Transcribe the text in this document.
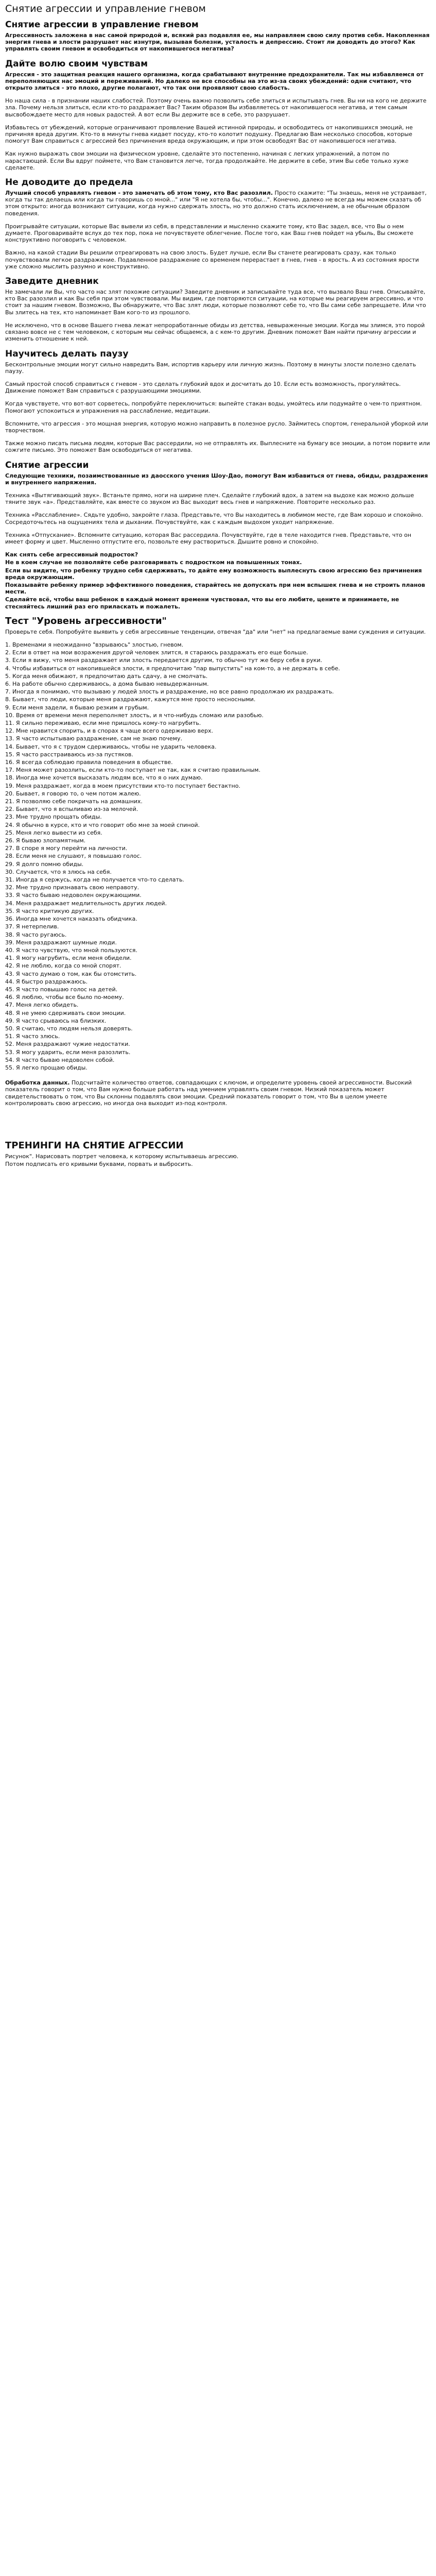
Снятие агрессии и управление гневом
Снятие агрессии в управление гневом

Агрессивность заложена в нас самой природой и, всякий раз подавляя ее, мы направляем свою силу против себя. Накопленная энергия гнева и злости разрушает нас изнутри, вызывая болезни, усталость и депрессию. Стоит ли доводить до этого? Как управлять своим гневом и освободиться от накопившегося негатива?

Дайте волю своим чувствам

Агрессия - это защитная реакция нашего организма, когда срабатывают внутренние предохранители. Так мы избавляемся от переполняющих нас эмоций и переживаний. Но далеко не все способны на это из-за своих убеждений: одни считают, что открыто злиться - это плохо, другие полагают, что так они проявляют свою слабость.

Но наша сила - в признании наших слабостей. Поэтому очень важно позволить себе злиться и испытывать гнев. Вы ни на кого не держите зла. Почему нельзя злиться, если кто-то раздражает Вас? Таким образом Вы избавляетесь от накопившегося негатива, и тем самым высвобождаете место для новых радостей. А вот если Вы держите все в себе, это разрушает.

Избавьтесь от убеждений, которые ограничивают проявление Вашей истинной природы, и освободитесь от накопившихся эмоций, не причиняя вреда другим. Кто-то в минуты гнева кидает посуду, кто-то колотит подушку. Предлагаю Вам несколько способов, которые помогут Вам справиться с агрессией без причинения вреда окружающим, и при этом освободят Вас от накопившегося негатива.

Как нужно выражать свои эмоции на физическом уровне, сделайте это постепенно, начиная с легких упражнений, а потом по нарастающей. Если Вы вдруг поймете, что Вам становится легче, тогда продолжайте. Не держите в себе, этим Вы себе только хуже сделаете.

Не доводите до предела

Лучший способ управлять гневом - это замечать об этом тому, кто Вас разозлил. Просто скажите: "Ты знаешь, меня не устраивает, когда ты так делаешь или когда ты говоришь со мной..." или "Я не хотела бы, чтобы...". Конечно, далеко не всегда мы можем сказать об этом открыто: иногда возникают ситуации, когда нужно сдержать злость, но это должно стать исключением, а не обычным образом поведения.

Проигрывайте ситуации, которые Вас вывели из себя, в представлении и мысленно скажите тому, кто Вас задел, все, что Вы о нем думаете. Проговаривайте вслух до тех пор, пока не почувствуете облегчение. После того, как Ваш гнев пойдет на убыль, Вы сможете конструктивно поговорить с человеком.

Важно, на какой стадии Вы решили отреагировать на свою злость. Будет лучше, если Вы станете реагировать сразу, как только почувствовали легкое раздражение. Подавленное раздражение со временем перерастает в гнев, гнев - в ярость. А из состояния ярости уже сложно мыслить разумно и конструктивно.

Заведите дневник

Не замечали ли Вы, что часто нас злят похожие ситуации? Заведите дневник и записывайте туда все, что вызвало Ваш гнев. Описывайте, кто Вас разозлил и как Вы себя при этом чувствовали. Мы видим, где повторяются ситуации, на которые мы реагируем агрессивно, и что стоит за нашим гневом. Возможно, Вы обнаружите, что Вас злят люди, которые позволяют себе то, что Вы сами себе запрещаете. Или что Вы злитесь на тех, кто напоминает Вам кого-то из прошлого.

Не исключено, что в основе Вашего гнева лежат непроработанные обиды из детства, невыраженные эмоции. Когда мы злимся, это порой связано вовсе не с тем человеком, с которым мы сейчас общаемся, а с кем-то другим. Дневник поможет Вам найти причину агрессии и изменить отношение к ней.

Научитесь делать паузу

Бесконтрольные эмоции могут сильно навредить Вам, испортив карьеру или личную жизнь. Поэтому в минуты злости полезно сделать паузу.

Самый простой способ справиться с гневом - это сделать глубокий вдох и досчитать до 10. Если есть возможность, прогуляйтесь. Движение поможет Вам справиться с разрушающими эмоциями.

Когда чувствуете, что вот-вот сорветесь, попробуйте переключиться: выпейте стакан воды, умойтесь или подумайте о чем-то приятном. Помогают успокоиться и упражнения на расслабление, медитации.

Вспомните, что агрессия - это мощная энергия, которую можно направить в полезное русло. Займитесь спортом, генеральной уборкой или творчеством.

Также можно писать письма людям, которые Вас рассердили, но не отправлять их. Выплесните на бумагу все эмоции, а потом порвите или сожгите письмо. Это поможет Вам освободиться от негатива.

Снятие агрессии

Следующие техники, позаимствованные из даосского учения Шоу-Дао, помогут Вам избавиться от гнева, обиды, раздражения и внутреннего напряжения.

Техника «Вытягивающий звук». Встаньте прямо, ноги на ширине плеч. Сделайте глубокий вдох, а затем на выдохе как можно дольше тяните звук «а». Представляйте, как вместе со звуком из Вас выходит весь гнев и напряжение. Повторите несколько раз.

Техника «Расслабление». Сядьте удобно, закройте глаза. Представьте, что Вы находитесь в любимом месте, где Вам хорошо и спокойно. Сосредоточьтесь на ощущениях тела и дыхании. Почувствуйте, как с каждым выдохом уходит напряжение.

Техника «Отпускание». Вспомните ситуацию, которая Вас рассердила. Почувствуйте, где в теле находится гнев. Представьте, что он имеет форму и цвет. Мысленно отпустите его, позвольте ему раствориться. Дышите ровно и спокойно.

Как снять себе агрессивный подросток?

Не в коем случае не позволяйте себе разговаривать с подростком на повышенных тонах.

Если вы видите, что ребенку трудно себя сдерживать, то дайте ему возможность выплеснуть свою агрессию без причинения вреда окружающим.

Показывайте ребенку пример эффективного поведения, старайтесь не допускать при нем вспышек гнева и не строить планов мести.

Сделайте всё, чтобы ваш ребенок в каждый момент времени чувствовал, что вы его любите, цените и принимаете, не стесняйтесь лишний раз его приласкать и пожалеть.

Тест "Уровень агрессивности"

Проверьте себя. Попробуйте выявить у себя агрессивные тенденции, отвечая "да" или "нет" на предлагаемые вами суждения и ситуации.

1. Временами я неожиданно "взрываюсь" злостью, гневом.
2. Если в ответ на мои возражения другой человек злится, я стараюсь раздражать его еще больше.
3. Если я вижу, что меня раздражает или злость передается другим, то обычно тут же беру себя в руки.
4. Чтобы избавиться от накопившейся злости, я предпочитаю "пар выпустить" на ком-то, а не держать в себе.
5. Когда меня обижают, я предпочитаю дать сдачу, а не смолчать.
6. На работе обычно сдерживаюсь, а дома бываю невыдержанным.
7. Иногда я понимаю, что вызываю у людей злость и раздражение, но все равно продолжаю их раздражать.
8. Бывает, что люди, которые меня раздражают, кажутся мне просто несносными.
9. Если меня задели, я бываю резким и грубым.
10. Время от времени меня переполняет злость, и я что-нибудь сломаю или разобью.
11. Я сильно переживаю, если мне пришлось кому-то нагрубить.
12. Мне нравится спорить, и в спорах я чаще всего одерживаю верх.
13. Я часто испытываю раздражение, сам не знаю почему.
14. Бывает, что я с трудом сдерживаюсь, чтобы не ударить человека.
15. Я часто расстраиваюсь из-за пустяков.
16. Я всегда соблюдаю правила поведения в обществе.
17. Меня может разозлить, если кто-то поступает не так, как я считаю правильным.
18. Иногда мне хочется высказать людям все, что я о них думаю.
19. Меня раздражает, когда в моем присутствии кто-то поступает бестактно.
20. Бывает, я говорю то, о чем потом жалею.
21. Я позволяю себе покричать на домашних.
22. Бывает, что я вспыливаю из-за мелочей.
23. Мне трудно прощать обиды.
24. Я обычно в курсе, кто и что говорит обо мне за моей спиной.
25. Меня легко вывести из себя.
26. Я бываю злопамятным.
27. В споре я могу перейти на личности.
28. Если меня не слушают, я повышаю голос.
29. Я долго помню обиды.
30. Случается, что я злюсь на себя.
31. Иногда я сержусь, когда не получается что-то сделать.
32. Мне трудно признавать свою неправоту.
33. Я часто бываю недоволен окружающими.
34. Меня раздражает медлительность других людей.
35. Я часто критикую других.
36. Иногда мне хочется наказать обидчика.
37. Я нетерпелив.
38. Я часто ругаюсь.
39. Меня раздражают шумные люди.
40. Я часто чувствую, что мной пользуются.
41. Я могу нагрубить, если меня обидели.
42. Я не люблю, когда со мной спорят.
43. Я часто думаю о том, как бы отомстить.
44. Я быстро раздражаюсь.
45. Я часто повышаю голос на детей.
46. Я люблю, чтобы все было по-моему.
47. Меня легко обидеть.
48. Я не умею сдерживать свои эмоции.
49. Я часто срываюсь на близких.
50. Я считаю, что людям нельзя доверять.
51. Я часто злюсь.
52. Меня раздражают чужие недостатки.
53. Я могу ударить, если меня разозлить.
54. Я часто бываю недоволен собой.
55. Я легко прощаю обиды.

Обработка данных. Подсчитайте количество ответов, совпадающих с ключом, и определите уровень своей агрессивности. Высокий показатель говорит о том, что Вам нужно больше работать над умением управлять своим гневом. Низкий показатель может свидетельствовать о том, что Вы склонны подавлять свои эмоции. Средний показатель говорит о том, что Вы в целом умеете контролировать свою агрессию, но иногда она выходит из-под контроля.

ТРЕНИНГИ НА СНЯТИЕ АГРЕССИИ

Рисунок". Нарисовать портрет человека, к которому испытываешь агрессию.

Потом подписать его кривыми буквами, порвать и выбросить.
